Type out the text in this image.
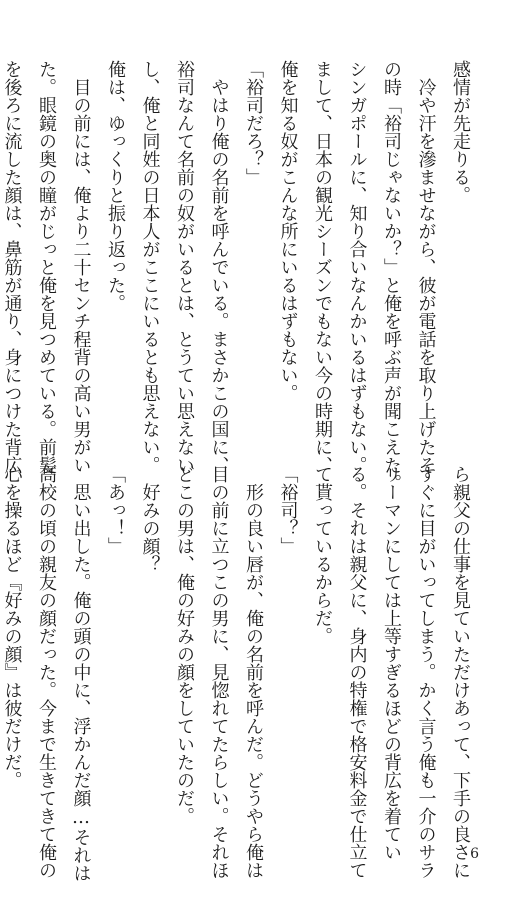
感情が先走りる。
　冷や汗を滲ませながら、彼が電話を取り上げたそ
の時「裕司じゃないか？」と俺を呼ぶ声が聞こえた。
シンガポールに、知り合いなんかいるはずもない。
まして、日本の観光シーズンでもない今の時期に、
俺を知る奴がこんな所にいるはずもない。
「裕司だろ？」
　やはり俺の名前を呼んでいる。まさかこの国に、
裕司なんて名前の奴がいるとは、とうてい思えない
し、俺と同姓の日本人がここにいるとも思えない。
俺は、ゆっくりと振り返った。
　目の前には、俺より二十センチ程背の高い男がい
た。眼鏡の奥の瞳がじっと俺を見つめている。前髪
を後ろに流した顔は、鼻筋が通り、身につけた背広
ら親父の仕事を見ていただけあって、下手の良さに
すぐに目がいってしまう。かく言う俺も一介のサラ
リーマンにしては上等すぎるほどの背広を着てい
る。それは親父に、身内の特権で格安料金で仕立て
て貰っているからだ。
「裕司？」
　形の良い唇が、俺の名前を呼んだ。どうやら俺は
目の前に立つこの男に、見惚れてたらしい。それほ
どこの男は、俺の好みの顔をしていたのだ。
　好みの顔？
「あっ！」
　思い出した。俺の頭の中に、浮かんだ顔…それは
高校の頃の親友の顔だった。今まで生きてきて俺の
心を操るほど『好みの顔』は彼だけだ。
6
